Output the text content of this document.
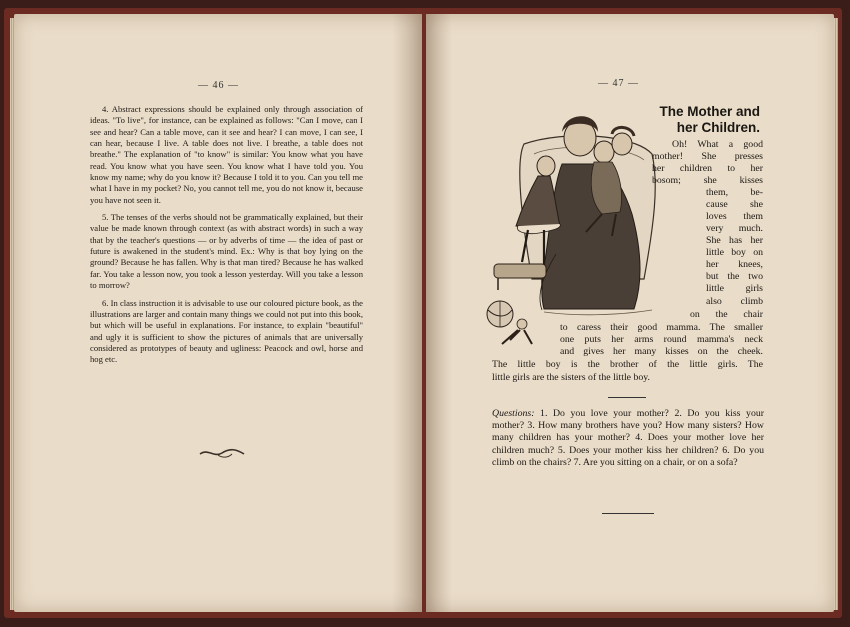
— 46 —

4. Abstract expressions should be explained only through association of ideas. "To live", for instance, can be explained as follows: "Can I move, can I see and hear? Can a table move, can it see and hear? I can move, I can see, I can hear, because I live. A table does not live. I breathe, a table does not breathe." The explanation of "to know" is similar: You know what you have read. You know what you have seen. You know what I have told you. You know my name; why do you know it? Because I told it to you. Can you tell me what I have in my pocket? No, you cannot tell me, you do not know it, because you have not seen it.

5. The tenses of the verbs should not be grammatically explained, but their value be made known through context (as with abstract words) in such a way that by the teacher's questions — or by adverbs of time — the idea of past or future is awakened in the student's mind. Ex.: Why is that boy lying on the ground? Because he has fallen. Why is that man tired? Because he has walked far. You take a lesson now, you took a lesson yesterday. Will you take a lesson to morrow?

6. In class instruction it is advisable to use our coloured picture book, as the illustrations are larger and contain many things we could not put into this book, but which will be useful in explanations. For instance, to explain "beautiful" and ugly it is sufficient to show the pictures of animals that are universally considered as prototypes of beauty and ugliness: Peacock and owl, horse and hog etc.

— 47 —
The Mother and
her Children.
Oh! What a good
mother! She presses
her children to her
bosom; she kisses
them, be-
cause she
loves them
very much.
She has her
little boy on
her knees,
but the two
little girls
also climb
on the chair
to caress their good mamma. The smaller
one puts her arms round mamma's neck
and gives her many kisses on the cheek.
The little boy is the brother of the little girls. The
little girls are the sisters of the little boy.
Questions: 1. Do you love your mother? 2. Do you kiss your mother? 3. How many brothers have you? How many sisters? How many children has your mother? 4. Does your mother love her children much? 5. Does your mother kiss her children? 6. Do you climb on the chairs? 7. Are you sitting on a chair, or on a sofa?
